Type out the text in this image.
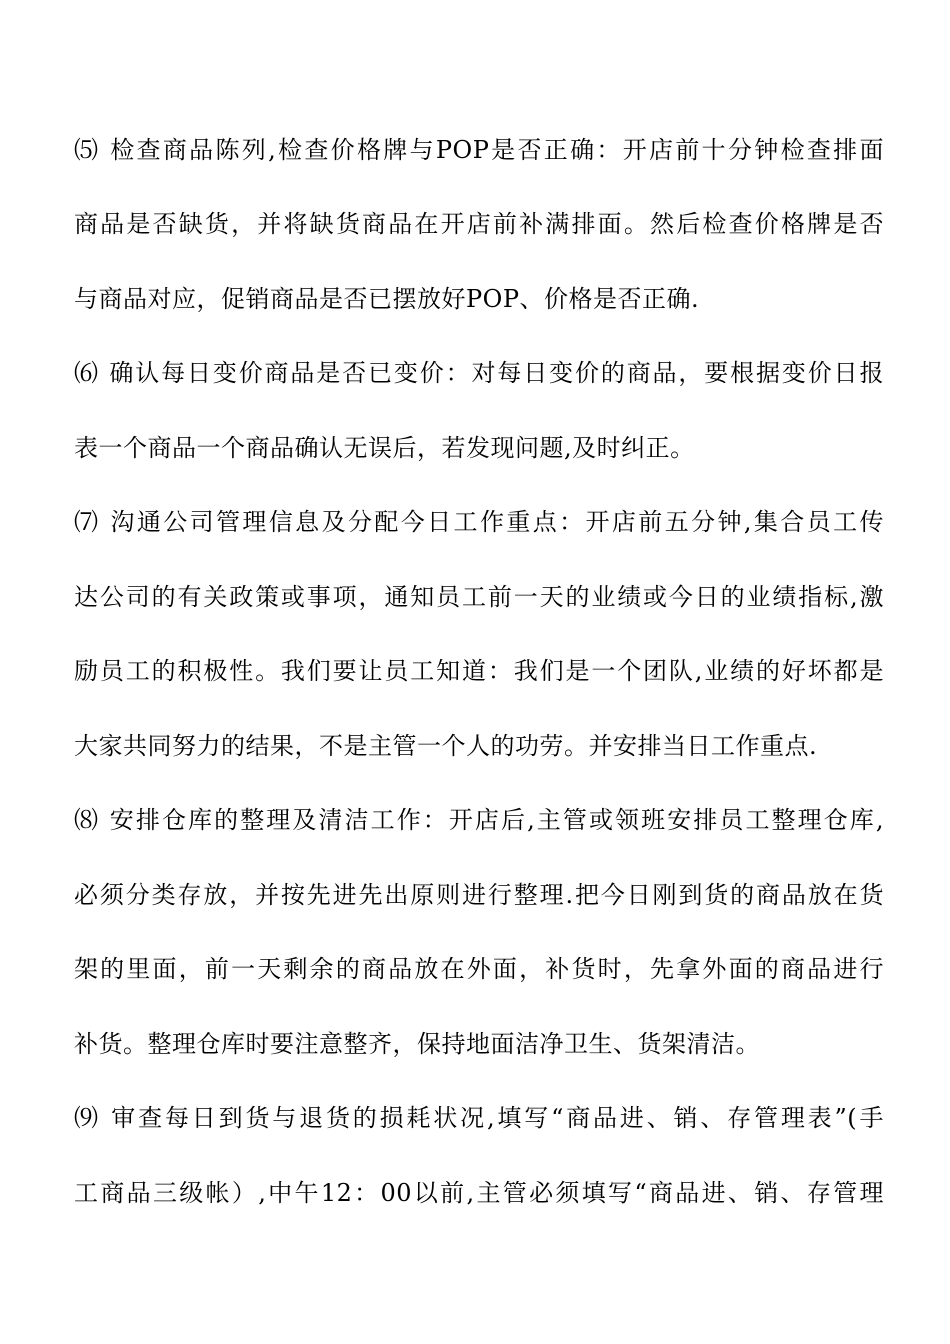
⑸ 检查商品陈列,检查价格牌与POP是否正确：开店前十分钟检查排面
商品是否缺货，并将缺货商品在开店前补满排面。然后检查价格牌是否
与商品对应，促销商品是否已摆放好POP、价格是否正确.
⑹ 确认每日变价商品是否已变价：对每日变价的商品，要根据变价日报
表一个商品一个商品确认无误后，若发现问题,及时纠正。
⑺ 沟通公司管理信息及分配今日工作重点：开店前五分钟,集合员工传
达公司的有关政策或事项，通知员工前一天的业绩或今日的业绩指标,激
励员工的积极性。我们要让员工知道：我们是一个团队,业绩的好坏都是
大家共同努力的结果，不是主管一个人的功劳。并安排当日工作重点.
⑻ 安排仓库的整理及清洁工作：开店后,主管或领班安排员工整理仓库,
必须分类存放，并按先进先出原则进行整理.把今日刚到货的商品放在货
架的里面，前一天剩余的商品放在外面，补货时，先拿外面的商品进行
补货。整理仓库时要注意整齐，保持地面洁净卫生、货架清洁。
⑼ 审查每日到货与退货的损耗状况,填写“商品进、销、存管理表”(手
工商品三级帐）,中午12：00以前,主管必须填写“商品进、销、存管理
